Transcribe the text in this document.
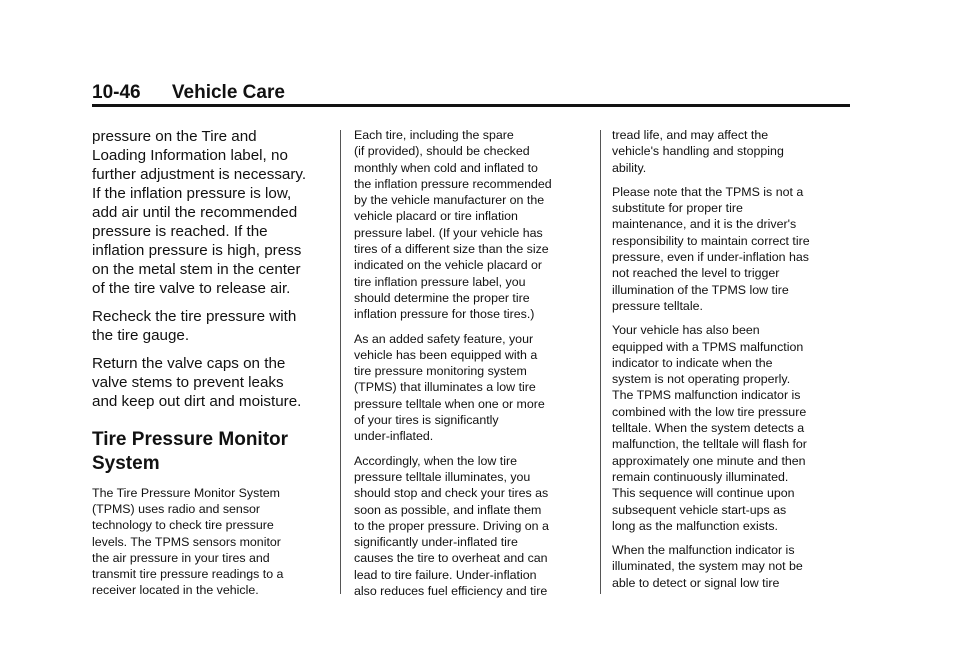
10-46 Vehicle Care

pressure on the Tire and
Loading Information label, no
further adjustment is necessary.
If the inflation pressure is low,
add air until the recommended
pressure is reached. If the
inflation pressure is high, press
on the metal stem in the center
of the tire valve to release air.

Recheck the tire pressure with
the tire gauge.

Return the valve caps on the
valve stems to prevent leaks
and keep out dirt and moisture.

Tire Pressure Monitor
System

The Tire Pressure Monitor System
(TPMS) uses radio and sensor
technology to check tire pressure
levels. The TPMS sensors monitor
the air pressure in your tires and
transmit tire pressure readings to a
receiver located in the vehicle.

Each tire, including the spare
(if provided), should be checked
monthly when cold and inflated to
the inflation pressure recommended
by the vehicle manufacturer on the
vehicle placard or tire inflation
pressure label. (If your vehicle has
tires of a different size than the size
indicated on the vehicle placard or
tire inflation pressure label, you
should determine the proper tire
inflation pressure for those tires.)

As an added safety feature, your
vehicle has been equipped with a
tire pressure monitoring system
(TPMS) that illuminates a low tire
pressure telltale when one or more
of your tires is significantly
under-inflated.

Accordingly, when the low tire
pressure telltale illuminates, you
should stop and check your tires as
soon as possible, and inflate them
to the proper pressure. Driving on a
significantly under-inflated tire
causes the tire to overheat and can
lead to tire failure. Under-inflation
also reduces fuel efficiency and tire

tread life, and may affect the
vehicle's handling and stopping
ability.

Please note that the TPMS is not a
substitute for proper tire
maintenance, and it is the driver's
responsibility to maintain correct tire
pressure, even if under-inflation has
not reached the level to trigger
illumination of the TPMS low tire
pressure telltale.

Your vehicle has also been
equipped with a TPMS malfunction
indicator to indicate when the
system is not operating properly.
The TPMS malfunction indicator is
combined with the low tire pressure
telltale. When the system detects a
malfunction, the telltale will flash for
approximately one minute and then
remain continuously illuminated.
This sequence will continue upon
subsequent vehicle start-ups as
long as the malfunction exists.

When the malfunction indicator is
illuminated, the system may not be
able to detect or signal low tire
